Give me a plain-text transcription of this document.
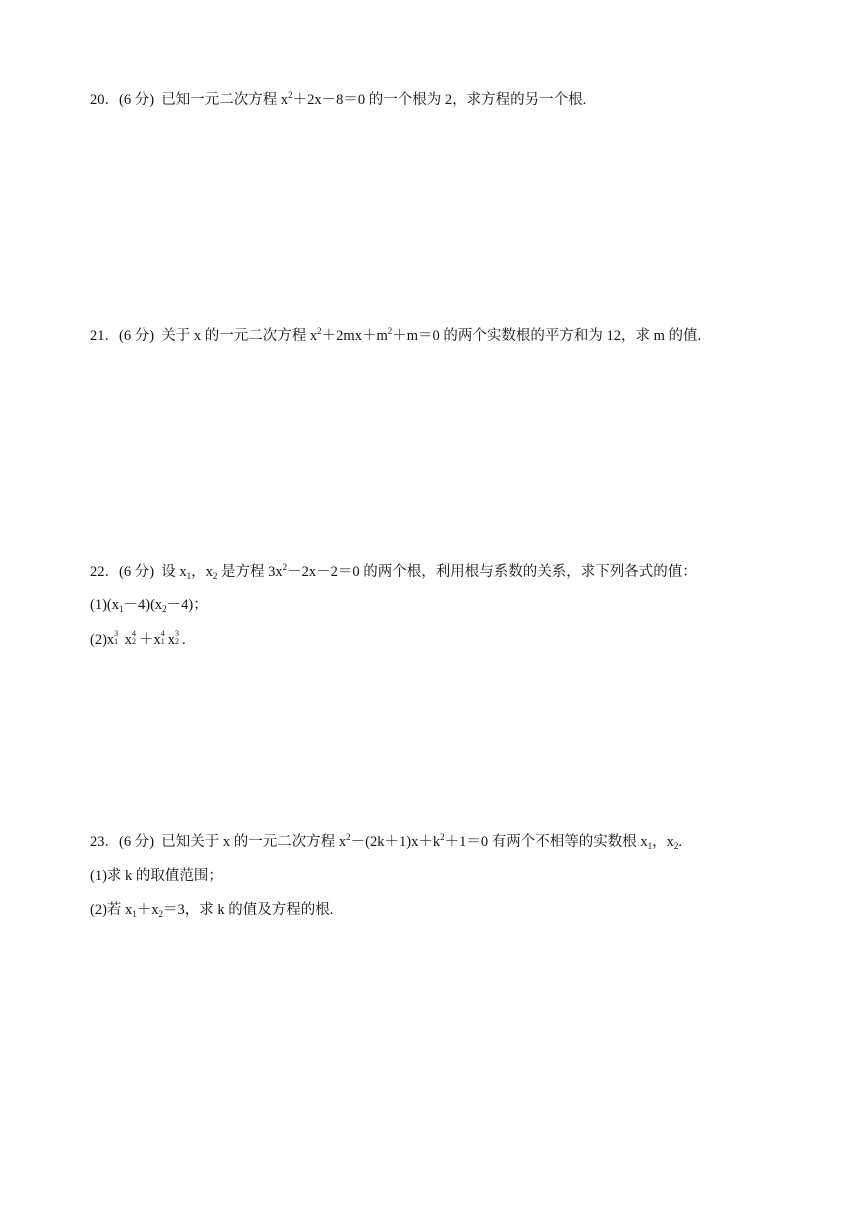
20．(6 分) 已知一元二次方程 $x^2+2x-8=0$ 的一个根为 2，求方程的另一个根.
21．(6 分) 关于 x 的一元二次方程 $x^2+2mx+m^2+m=0$ 的两个实数根的平方和为 12，求 m 的值.
22．(6 分) 设 $x_1$，$x_2$ 是方程 $3x^2-2x-2=0$ 的两个根，利用根与系数的关系，求下列各式的值：
$(1)(x_1-4)(x_2-4)$；
(2)x 3
1 x 4
2 ＋x 4
1 x 3
2 .
23．(6 分) 已知关于 x 的一元二次方程 $x^2-(2k+1)x+k^2+1=0$ 有两个不相等的实数根 $x_1$，$x_2$.
(1)求 k 的取值范围；
(2)若 $x_1+x_2=3$，求 k 的值及方程的根.
